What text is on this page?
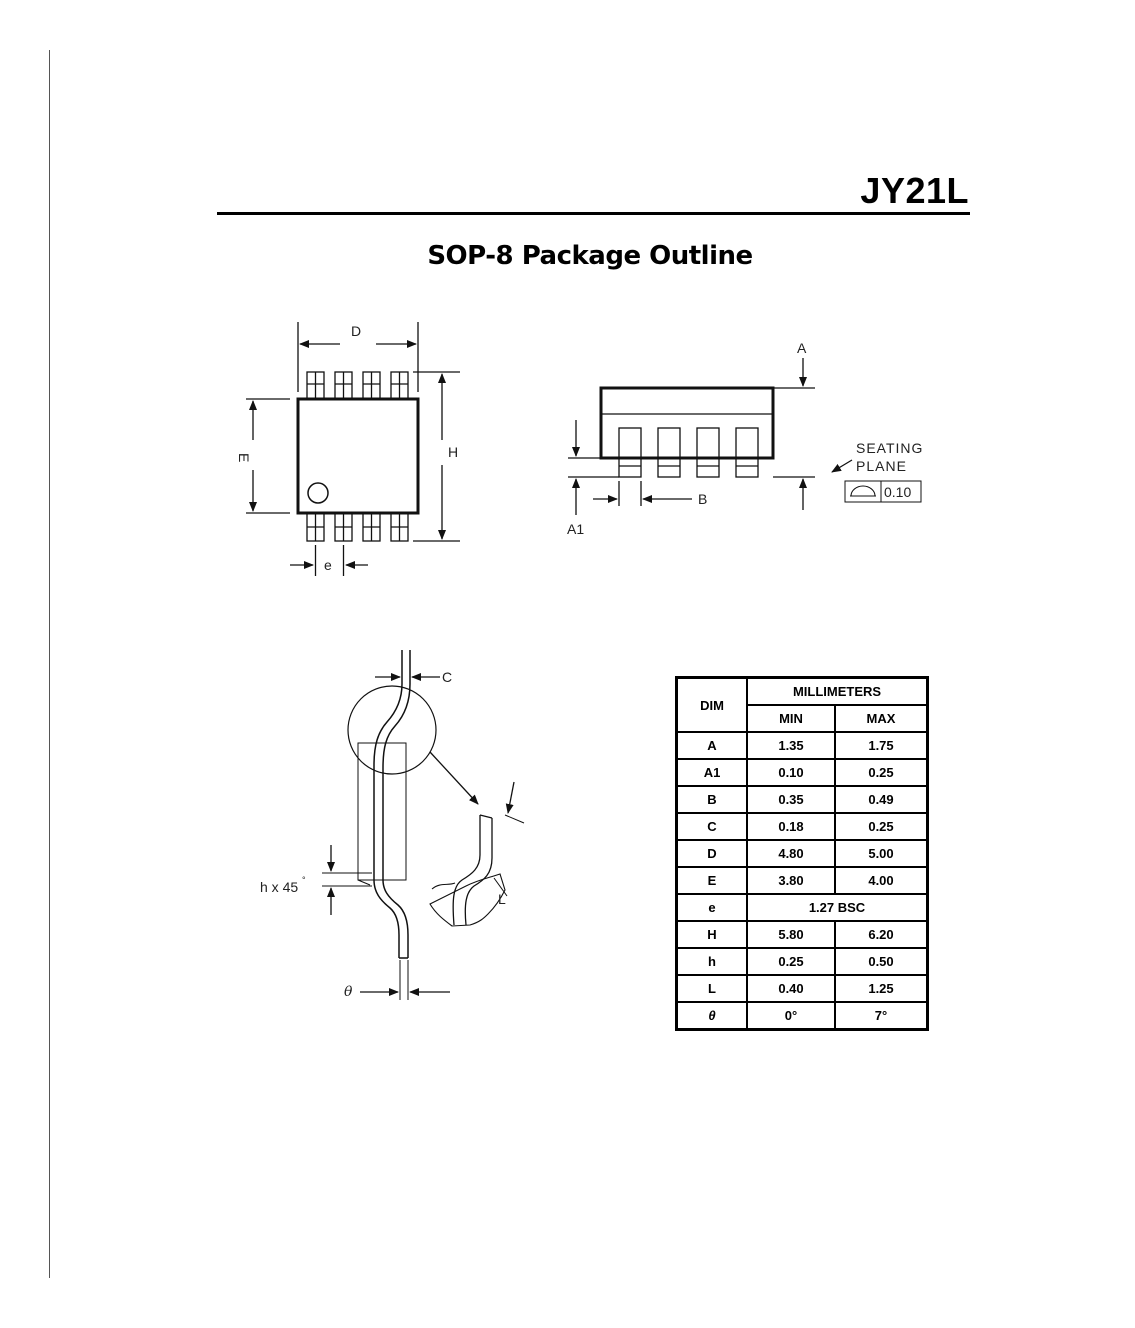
JY21L
SOP-8 Package Outline
D
E	H
e
A
A1
B
SEATING
PLANE
0.10
C
h x 45 °
L
θ
DIM	MILLIMETERS	
	MIN	MAX
A	1.35	1.75
A1	0.10	0.25
B	0.35	0.49
C	0.18	0.25
D	4.80	5.00
E	3.80	4.00
e	1.27 BSC	
H	5.80	6.20
h	0.25	0.50
L	0.40	1.25
θ	0°	7°
